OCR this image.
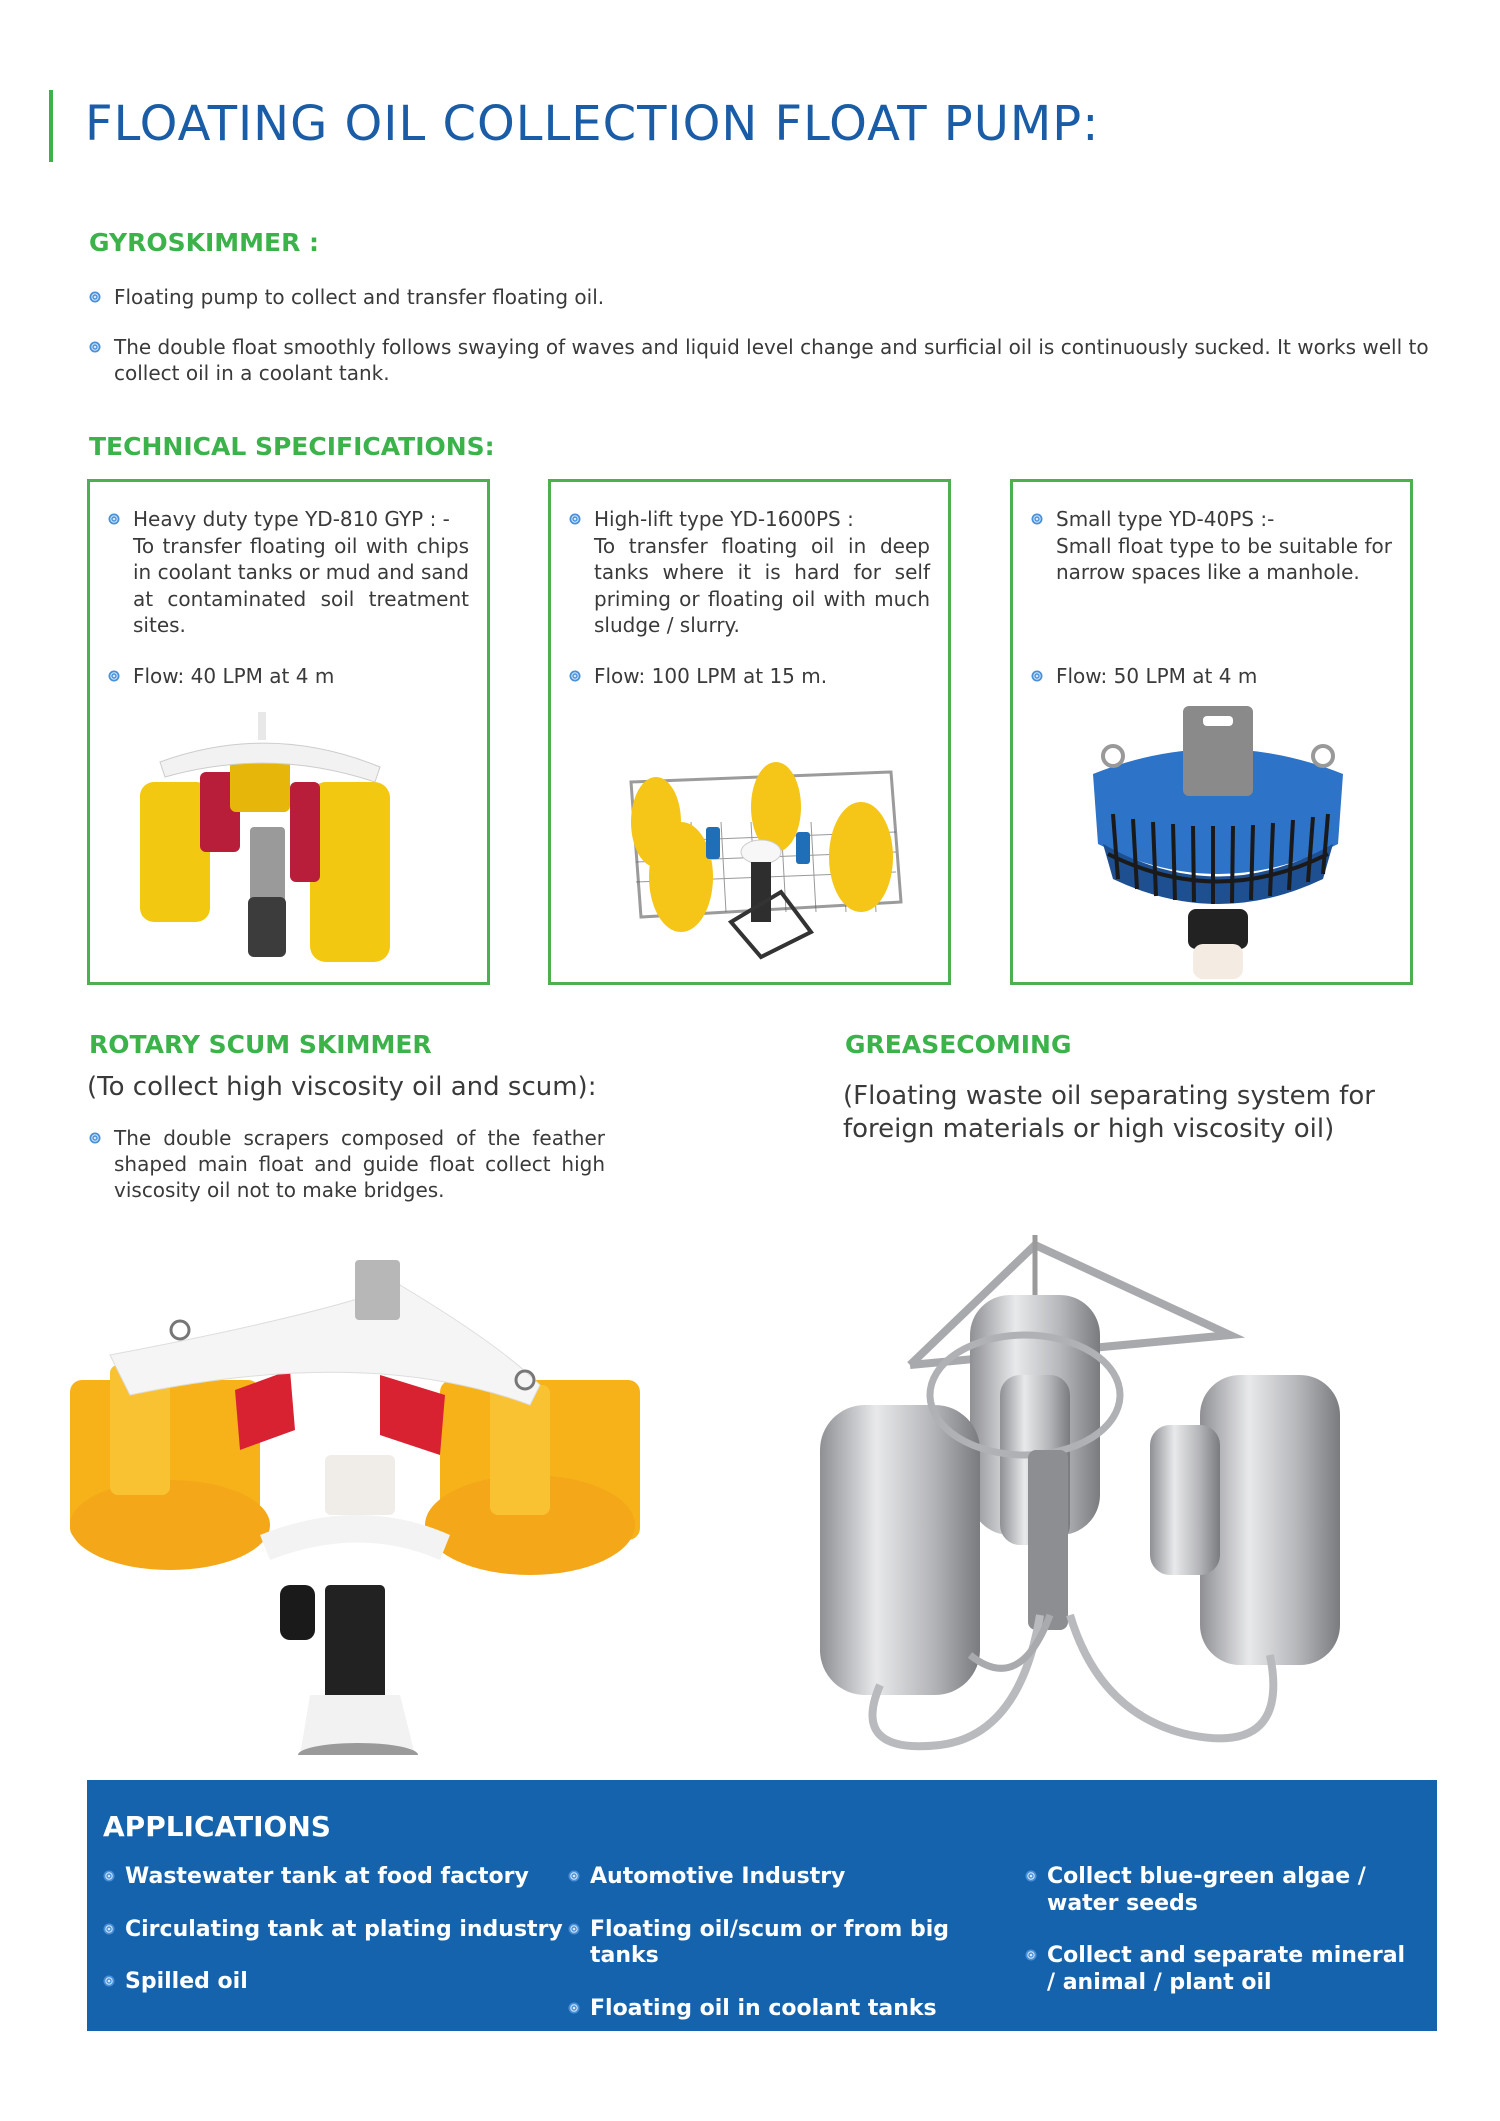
FLOATING OIL COLLECTION FLOAT PUMP:
GYROSKIMMER :
Floating pump to collect and transfer floating oil.
The double float smoothly follows swaying of waves and liquid level change and surficial oil is continuously sucked. It works well to collect oil in a coolant tank.
TECHNICAL SPECIFICATIONS:
Heavy duty type YD-810 GYP : -
To transfer floating oil with chips in coolant tanks or mud and sand at contaminated soil treatment sites.
Flow: 40 LPM at 4 m
High-lift type YD-1600PS :
To transfer floating oil in deep tanks where it is hard for self priming or floating oil with much sludge / slurry.
Flow: 100 LPM at 15 m.
Small type YD-40PS :-
Small float type to be suitable for narrow spaces like a manhole.
Flow: 50 LPM at 4 m
ROTARY SCUM SKIMMER
(To collect high viscosity oil and scum):
The double scrapers composed of the feather shaped main float and guide float collect high viscosity oil not to make bridges.
GREASECOMING
(Floating waste oil separating system for foreign materials or high viscosity oil)
APPLICATIONS
Wastewater tank at food factory
Circulating tank at plating industry
Spilled oil
Automotive Industry
Floating oil/scum or from big tanks
Floating oil in coolant tanks
Collect blue-green algae / water seeds
Collect and separate mineral / animal / plant oil
